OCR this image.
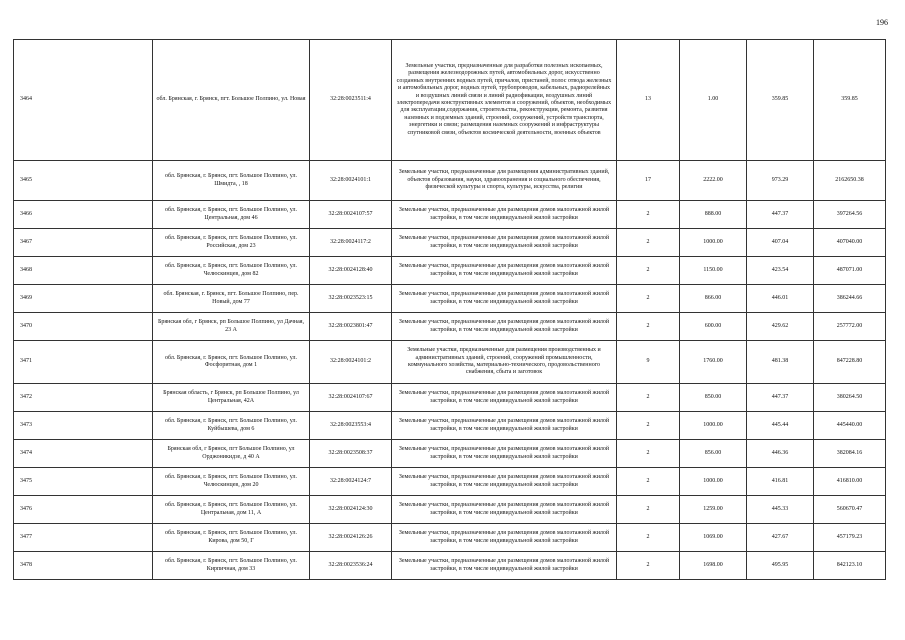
196
3464	обл. Брянская, г. Брянск, пгт. Большое Полпино, ул. Новая	32:28:0023511:4	Земельные участки, предназначенные для разработки полезных ископаемых, размещения железнодорожных путей, автомобильных дорог, искусственно созданных внутренних водных путей, причалов, пристаней, полос отвода железных и автомобильных дорог, водных путей, трубопроводов, кабельных, радиорелейных и воздушных линий связи и линий радиофикации, воздушных линий электропередачи конструктивных элементов и сооружений, объектов, необходимых для эксплуатации,содержания, строительства, реконструкции, ремонта, развития наземных и подземных зданий, строений, сооружений, устройств транспорта, энергетики и связи; размещения наземных сооружений и инфраструктуры спутниковой связи, объектов космической деятельности, военных объектов	13	1.00	359.85	359.85
3465	обл. Брянская, г. Брянск, пгт. Большое Полпино, ул. Шмидта, , 18	32:28:0024101:1	Земельные участки, предназначенные для размещения административных зданий, объектов образования, науки, здравоохранения и социального обеспечения, физической культуры и спорта, культуры, искусства, религии	17	2222.00	973.29	2162650.38
3466	обл. Брянская, г. Брянск, пгт. Большое Полпино, ул. Центральная, дом 46	32:28:0024107:57	Земельные участки, предназначенные для размещения домов малоэтажной жилой застройки, в том числе индивидуальной жилой застройки	2	888.00	447.37	397264.56
3467	обл. Брянская, г. Брянск, пгт. Большое Полпино, ул. Российская, дом 23	32:28:0024117:2	Земельные участки, предназначенные для размещения домов малоэтажной жилой застройки, в том числе индивидуальной жилой застройки	2	1000.00	407.04	407040.00
3468	обл. Брянская, г. Брянск, пгт. Большое Полпино, ул. Челюскинцев, дом 82	32:28:0024128:40	Земельные участки, предназначенные для размещения домов малоэтажной жилой застройки, в том числе индивидуальной жилой застройки	2	1150.00	423.54	487071.00
3469	обл. Брянская, г. Брянск, пгт. Большое Полпино, пер. Новый, дом 77	32:28:0023523:15	Земельные участки, предназначенные для размещения домов малоэтажной жилой застройки, в том числе индивидуальной жилой застройки	2	866.00	446.01	386244.66
3470	Брянская обл, г Брянск, рп Большое Полпино, ул Дачная, 23 А	32:28:0023801:47	Земельные участки, предназначенные для размещения домов малоэтажной жилой застройки, в том числе индивидуальной жилой застройки	2	600.00	429.62	257772.00
3471	обл. Брянская, г. Брянск, пгт. Большое Полпино, ул. Фосфоритная, дом 1	32:28:0024101:2	Земельные участки, предназначенные для размещения производственных и административных зданий, строений, сооружений промышленности, коммунального хозяйства, материально-технического, продовольственного снабжения, сбыта и заготовок	9	1760.00	481.38	847228.80
3472	Брянская область, г Брянск, рп Большое Полпино, ул Центральная, 42А	32:28:0024107:67	Земельные участки, предназначенные для размещения домов малоэтажной жилой застройки, в том числе индивидуальной жилой застройки	2	850.00	447.37	380264.50
3473	обл. Брянская, г. Брянск, пгт. Большое Полпино, ул. Куйбышева, дом 6	32:28:0023553:4	Земельные участки, предназначенные для размещения домов малоэтажной жилой застройки, в том числе индивидуальной жилой застройки	2	1000.00	445.44	445440.00
3474	Брянская обл, г Брянск, пгт Большое Полпино, ул Орджоникидзе, д 40 А	32:28:0023508:37	Земельные участки, предназначенные для размещения домов малоэтажной жилой застройки, в том числе индивидуальной жилой застройки	2	856.00	446.36	382084.16
3475	обл. Брянская, г. Брянск, пгт. Большое Полпино, ул. Челюскинцев, дом 20	32:28:0024124:7	Земельные участки, предназначенные для размещения домов малоэтажной жилой застройки, в том числе индивидуальной жилой застройки	2	1000.00	416.81	416810.00
3476	обл. Брянская, г. Брянск, пгт. Большое Полпино, ул. Центральная, дом 11, А	32:28:0024124:30	Земельные участки, предназначенные для размещения домов малоэтажной жилой застройки, в том числе индивидуальной жилой застройки	2	1259.00	445.33	560670.47
3477	обл. Брянская, г. Брянск, пгт. Большое Полпино, ул. Кирова, дом 50, Г	32:28:0024126:26	Земельные участки, предназначенные для размещения домов малоэтажной жилой застройки, в том числе индивидуальной жилой застройки	2	1069.00	427.67	457179.23
3478	обл. Брянская, г. Брянск, пгт. Большое Полпино, ул. Кирпичная, дом 33	32:28:0023536:24	Земельные участки, предназначенные для размещения домов малоэтажной жилой застройки, в том числе индивидуальной жилой застройки	2	1698.00	495.95	842123.10
